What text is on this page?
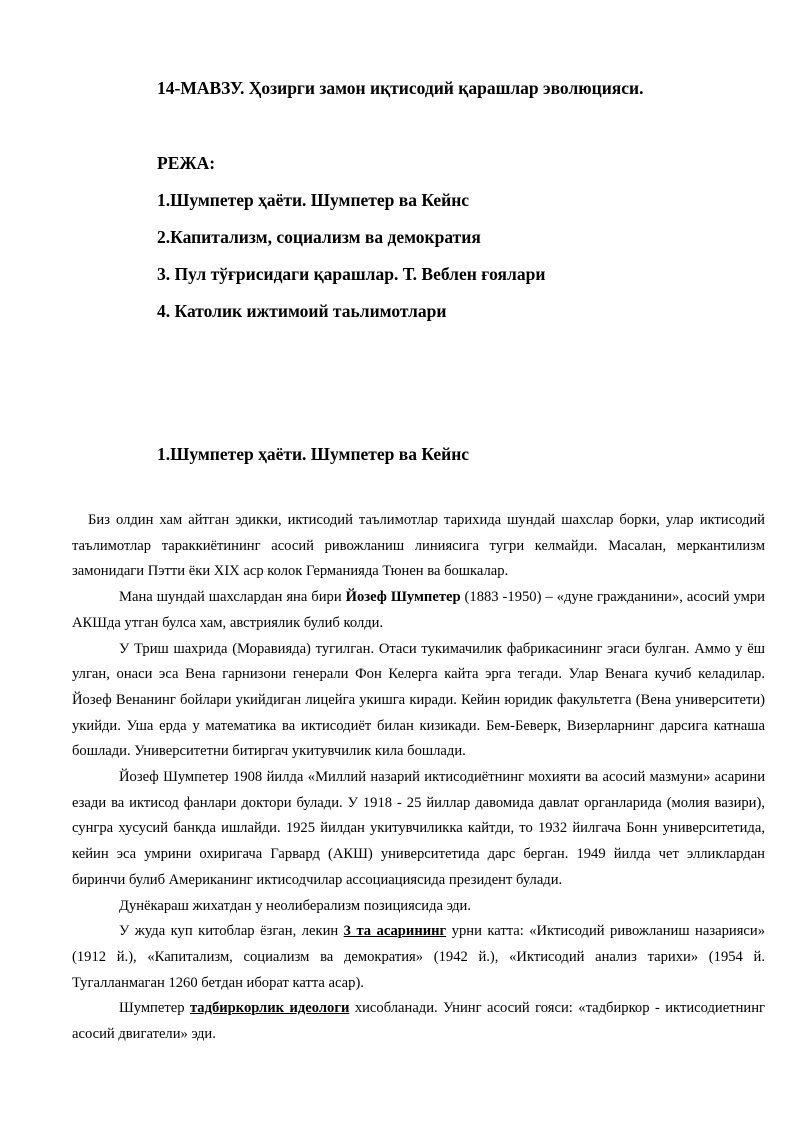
14-МАВЗУ. Ҳозирги замон иқтисодий қарашлар эволюцияси.
РЕЖА:
1.Шумпетер ҳаёти. Шумпетер ва Кейнс
2.Капитализм, социализм ва демократия
3. Пул тўғрисидаги қарашлар. Т. Веблен ғоялари
4. Католик ижтимоий таьлимотлари
1.Шумпетер ҳаёти. Шумпетер ва Кейнс

Биз олдин хам айтган эдикки, иктисодий таълимотлар тарихида шундай шахслар борки, улар иктисодий таълимотлар тараккиётининг асосий ривожланиш линиясига тугри келмайди. Масалан, меркантилизм замонидаги Пэтти ёки XIX аср колок Германияда Тюнен ва бошкалар.

Мана шундай шахслардан яна бири Йозеф Шумпетер (1883 -1950) – «дуне гражданини», асосий умри АКШда утган булса хам, австриялик булиб колди.

У Триш шахрида (Моравияда) тугилган. Отаси тукимачилик фабрикасининг эгаси булган. Аммо у ёш улган, онаси эса Вена гарнизони генерали Фон Келерга кайта эрга тегади. Улар Венага кучиб келадилар. Йозеф Венанинг бойлари укийдиган лицейга укишга киради. Кейин юридик факультетга (Вена университети) укийди. Уша ерда у математика ва иктисодиёт билан кизикади. Бем-Беверк, Визерларнинг дарсига катнаша бошлади. Университетни битиргач укитувчилик кила бошлади.

Йозеф Шумпетер 1908 йилда «Миллий назарий иктисодиётнинг мохияти ва асосий мазмуни» асарини езади ва иктисод фанлари доктори булади. У 1918 - 25 йиллар давомида давлат органларида (молия вазири), сунгра хусусий банкда ишлайди. 1925 йилдан укитувчиликка кайтди, то 1932 йилгача Бонн университетида, кейин эса умрини охиригача Гарвард (АКШ) университетида дарс берган. 1949 йилда чет элликлардан биринчи булиб Американинг иктисодчилар ассоциациясида президент булади.

Дунёкараш жихатдан у неолиберализм позициясида эди.

У жуда куп китоблар ёзган, лекин 3 та асарининг урни катта: «Иктисодий ривожланиш назарияси» (1912 й.), «Капитализм, социализм ва демократия» (1942 й.), «Иктисодий анализ тарихи» (1954 й. Тугалланмаган 1260 бетдан иборат катта асар).

Шумпетер тадбиркорлик идеологи хисобланади. Унинг асосий гояси: «тадбиркор - иктисодиетнинг асосий двигатели» эди.
